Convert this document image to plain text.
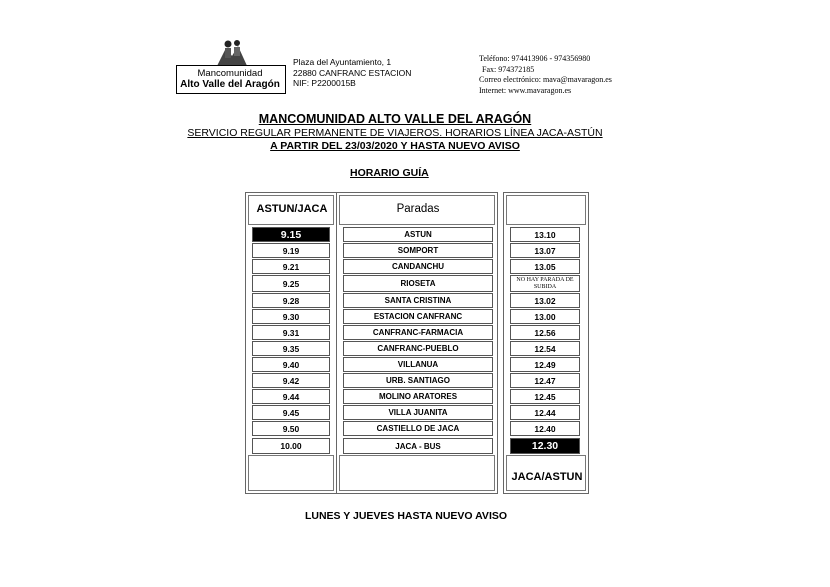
Mancomunidad
Alto Valle del Aragón
Plaza del Ayuntamiento, 1
22880 CANFRANC ESTACION
NIF: P2200015B
Teléfono: 974413906 - 974356980
Fax: 974372185
Correo electrónico: mava@mavaragon.es
Internet: www.mavaragon.es
MANCOMUNIDAD ALTO VALLE DEL ARAGÓN
SERVICIO REGULAR PERMANENTE DE VIAJEROS. HORARIOS LÍNEA JACA-ASTÚN
A PARTIR DEL 23/03/2020 Y HASTA NUEVO AVISO
HORARIO GUÍA
ASTUN/JACA	Paradas
JACA/ASTUN
9.15	ASTUN	13.10
9.19	SOMPORT	13.07
9.21	CANDANCHU	13.05
9.25	RIOSETA	NO HAY PARADA DE
SUBIDA
9.28	SANTA CRISTINA	13.02
9.30	ESTACION CANFRANC	13.00
9.31	CANFRANC-FARMACIA	12.56
9.35	CANFRANC-PUEBLO	12.54
9.40	VILLANUA	12.49
9.42	URB. SANTIAGO	12.47
9.44	MOLINO ARATORES	12.45
9.45	VILLA JUANITA	12.44
9.50	CASTIELLO DE JACA	12.40
10.00	JACA - BUS	12.30
LUNES Y JUEVES HASTA NUEVO AVISO
